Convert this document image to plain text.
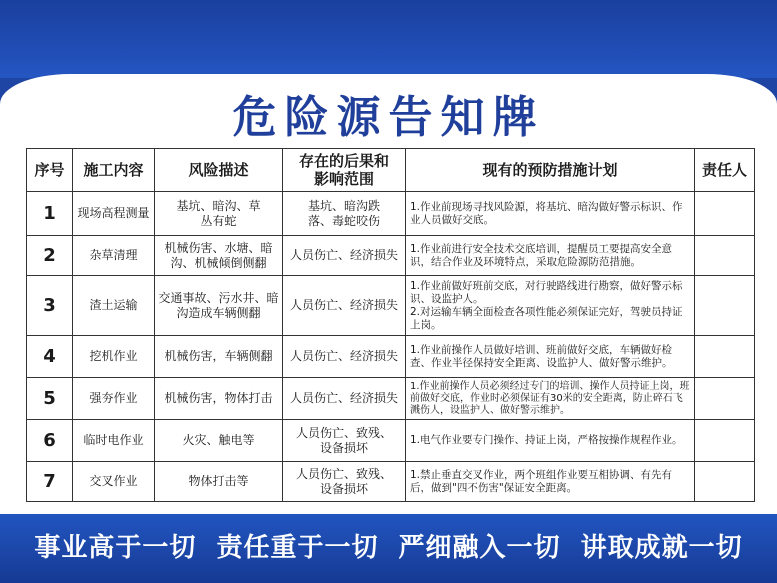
危险源告知牌
序号	施工内容	风险描述	存在的后果和影响范围	现有的预防措施计划	责任人
1	现场高程测量	基坑、暗沟、草丛有蛇	基坑、暗沟跌落、毒蛇咬伤	1.作业前现场寻找风险源，将基坑、暗沟做好警示标识、作业人员做好交底。	
2	杂草清理	机械伤害、水塘、暗沟、机械倾倒侧翻	人员伤亡、经济损失	1.作业前进行安全技术交底培训，提醒员工要提高安全意识，结合作业及环境特点，采取危险源防范措施。	
3	渣土运输	交通事故、污水井、暗沟造成车辆侧翻	人员伤亡、经济损失	1.作业前做好班前交底，对行驶路线进行勘察，做好警示标识、设监护人。
2.对运输车辆全面检查各项性能必须保证完好，驾驶员持证上岗。	
4	挖机作业	机械伤害，车辆侧翻	人员伤亡、经济损失	1.作业前操作人员做好培训、班前做好交底，车辆做好检查、作业半径保持安全距离、设监护人、做好警示维护。	
5	强夯作业	机械伤害，物体打击	人员伤亡、经济损失	1.作业前操作人员必须经过专门的培训、操作人员持证上岗，班前做好交底，作业时必须保证有30米的安全距离，防止碎石飞溅伤人，设监护人、做好警示维护。	
6	临时电作业	火灾、触电等	人员伤亡、致残、设备损坏	1.电气作业要专门操作、持证上岗，严格按操作规程作业。	
7	交叉作业	物体打击等	人员伤亡、致残、设备损坏	1.禁止垂直交叉作业，两个班组作业要互相协调、有先有后，做到"四不伤害"保证安全距离。	
事业高于一切  责任重于一切  严细融入一切  讲取成就一切
